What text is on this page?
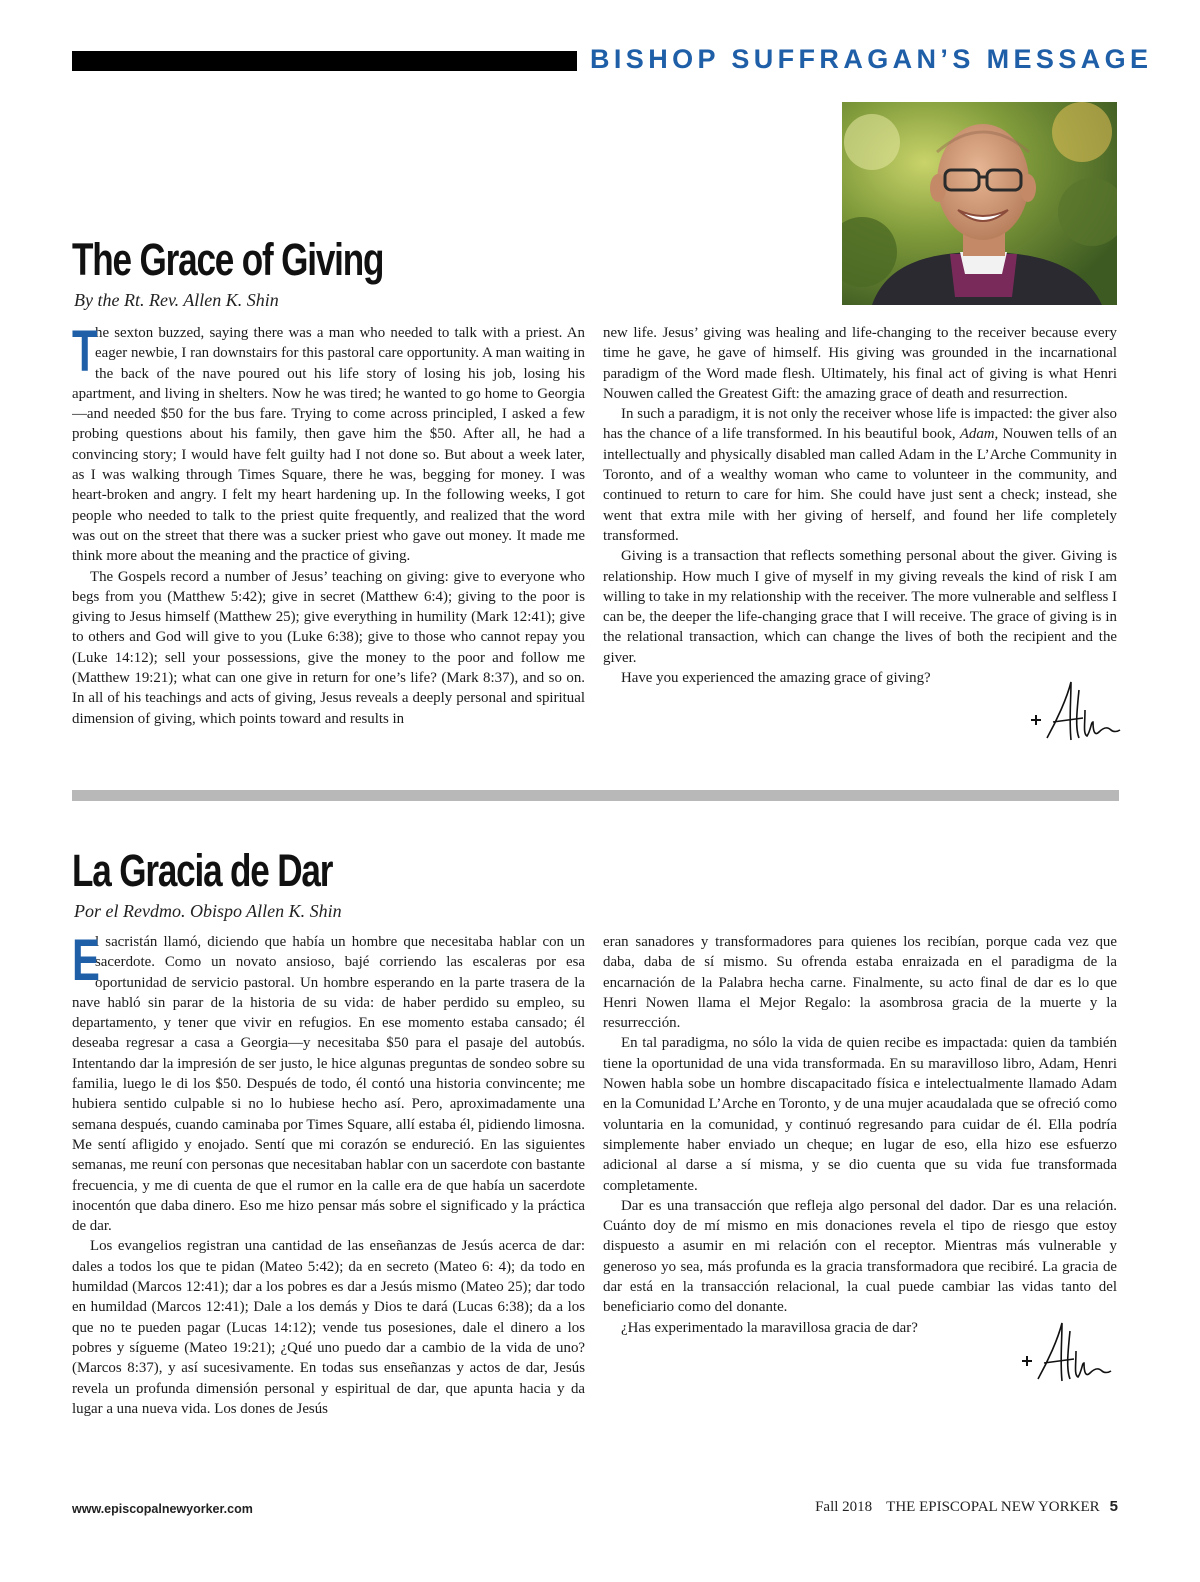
BISHOP SUFFRAGAN’S MESSAGE
The Grace of Giving
By the Rt. Rev. Allen K. Shin

T
he sexton buzzed, saying there was a man who needed to talk with a priest. An eager newbie, I ran downstairs for this pastoral care opportunity. A man waiting in the back of the nave poured out his life story of losing his job, losing his apartment, and living in shelters. Now he was tired; he wanted to go home to Georgia—and needed $50 for the bus fare. Trying to come across principled, I asked a few probing questions about his family, then gave him the $50. After all, he had a convincing story; I would have felt guilty had I not done so. But about a week later, as I was walking through Times Square, there he was, begging for money. I was heart-broken and angry. I felt my heart hardening up. In the following weeks, I got people who needed to talk to the priest quite frequently, and realized that the word was out on the street that there was a sucker priest who gave out money. It made me think more about the meaning and the practice of giving.

The Gospels record a number of Jesus’ teaching on giving: give to everyone who begs from you (Matthew 5:42); give in secret (Matthew 6:4); giving to the poor is giving to Jesus himself (Matthew 25); give everything in humility (Mark 12:41); give to others and God will give to you (Luke 6:38); give to those who cannot repay you (Luke 14:12); sell your possessions, give the money to the poor and follow me (Matthew 19:21); what can one give in return for one’s life? (Mark 8:37), and so on. In all of his teachings and acts of giving, Jesus reveals a deeply personal and spiritual dimension of giving, which points toward and results in

new life. Jesus’ giving was healing and life-changing to the receiver because every time he gave, he gave of himself. His giving was grounded in the incarnational paradigm of the Word made flesh. Ultimately, his final act of giving is what Henri Nouwen called the Greatest Gift: the amazing grace of death and resurrection.

In such a paradigm, it is not only the receiver whose life is impacted: the giver also has the chance of a life transformed. In his beautiful book, Adam, Nouwen tells of an intellectually and physically disabled man called Adam in the L’Arche Community in Toronto, and of a wealthy woman who came to volunteer in the community, and continued to return to care for him. She could have just sent a check; instead, she went that extra mile with her giving of herself, and found her life completely transformed.

Giving is a transaction that reflects something personal about the giver. Giving is relationship. How much I give of myself in my giving reveals the kind of risk I am willing to take in my relationship with the receiver. The more vulnerable and selfless I can be, the deeper the life-changing grace that I will receive. The grace of giving is in the relational transaction, which can change the lives of both the recipient and the giver.

Have you experienced the amazing grace of giving?

La Gracia de Dar
Por el Revdmo. Obispo Allen K. Shin

E
l sacristán llamó, diciendo que había un hombre que necesitaba hablar con un sacerdote. Como un novato ansioso, bajé corriendo las escaleras por esa oportunidad de servicio pastoral. Un hombre esperando en la parte trasera de la nave habló sin parar de la historia de su vida: de haber perdido su empleo, su departamento, y tener que vivir en refugios. En ese momento estaba cansado; él deseaba regresar a casa a Georgia—y necesitaba $50 para el pasaje del autobús. Intentando dar la impresión de ser justo, le hice algunas preguntas de sondeo sobre su familia, luego le di los $50. Después de todo, él contó una historia convincente; me hubiera sentido culpable si no lo hubiese hecho así. Pero, aproximadamente una semana después, cuando caminaba por Times Square, allí estaba él, pidiendo limosna. Me sentí afligido y enojado. Sentí que mi corazón se endureció. En las siguientes semanas, me reuní con personas que necesitaban hablar con un sacerdote con bastante frecuencia, y me di cuenta de que el rumor en la calle era de que había un sacerdote inocentón que daba dinero. Eso me hizo pensar más sobre el significado y la práctica de dar.

Los evangelios registran una cantidad de las enseñanzas de Jesús acerca de dar: dales a todos los que te pidan (Mateo 5:42); da en secreto (Mateo 6: 4); da todo en humildad (Marcos 12:41); dar a los pobres es dar a Jesús mismo (Mateo 25); dar todo en humildad (Marcos 12:41); Dale a los demás y Dios te dará (Lucas 6:38); da a los que no te pueden pagar (Lucas 14:12); vende tus posesiones, dale el dinero a los pobres y sígueme (Mateo 19:21); ¿Qué uno puedo dar a cambio de la vida de uno? (Marcos 8:37), y así sucesivamente. En todas sus enseñanzas y actos de dar, Jesús revela un profunda dimensión personal y espiritual de dar, que apunta hacia y da lugar a una nueva vida. Los dones de Jesús

eran sanadores y transformadores para quienes los recibían, porque cada vez que daba, daba de sí mismo. Su ofrenda estaba enraizada en el paradigma de la encarnación de la Palabra hecha carne. Finalmente, su acto final de dar es lo que Henri Nowen llama el Mejor Regalo: la asombrosa gracia de la muerte y la resurrección.

En tal paradigma, no sólo la vida de quien recibe es impactada: quien da también tiene la oportunidad de una vida transformada. En su maravilloso libro, Adam, Henri Nowen habla sobe un hombre discapacitado física e intelectualmente llamado Adam en la Comunidad L’Arche en Toronto, y de una mujer acaudalada que se ofreció como voluntaria en la comunidad, y continuó regresando para cuidar de él. Ella podría simplemente haber enviado un cheque; en lugar de eso, ella hizo ese esfuerzo adicional al darse a sí misma, y se dio cuenta que su vida fue transformada completamente.

Dar es una transacción que refleja algo personal del dador. Dar es una relación. Cuánto doy de mí mismo en mis donaciones revela el tipo de riesgo que estoy dispuesto a asumir en mi relación con el receptor. Mientras más vulnerable y generoso yo sea, más profunda es la gracia transformadora que recibiré. La gracia de dar está en la transacción relacional, la cual puede cambiar las vidas tanto del beneficiario como del donante.

¿Has experimentado la maravillosa gracia de dar?

www.episcopalnewyorker.com	Fall 2018 THE EPISCOPAL NEW YORKER 5
